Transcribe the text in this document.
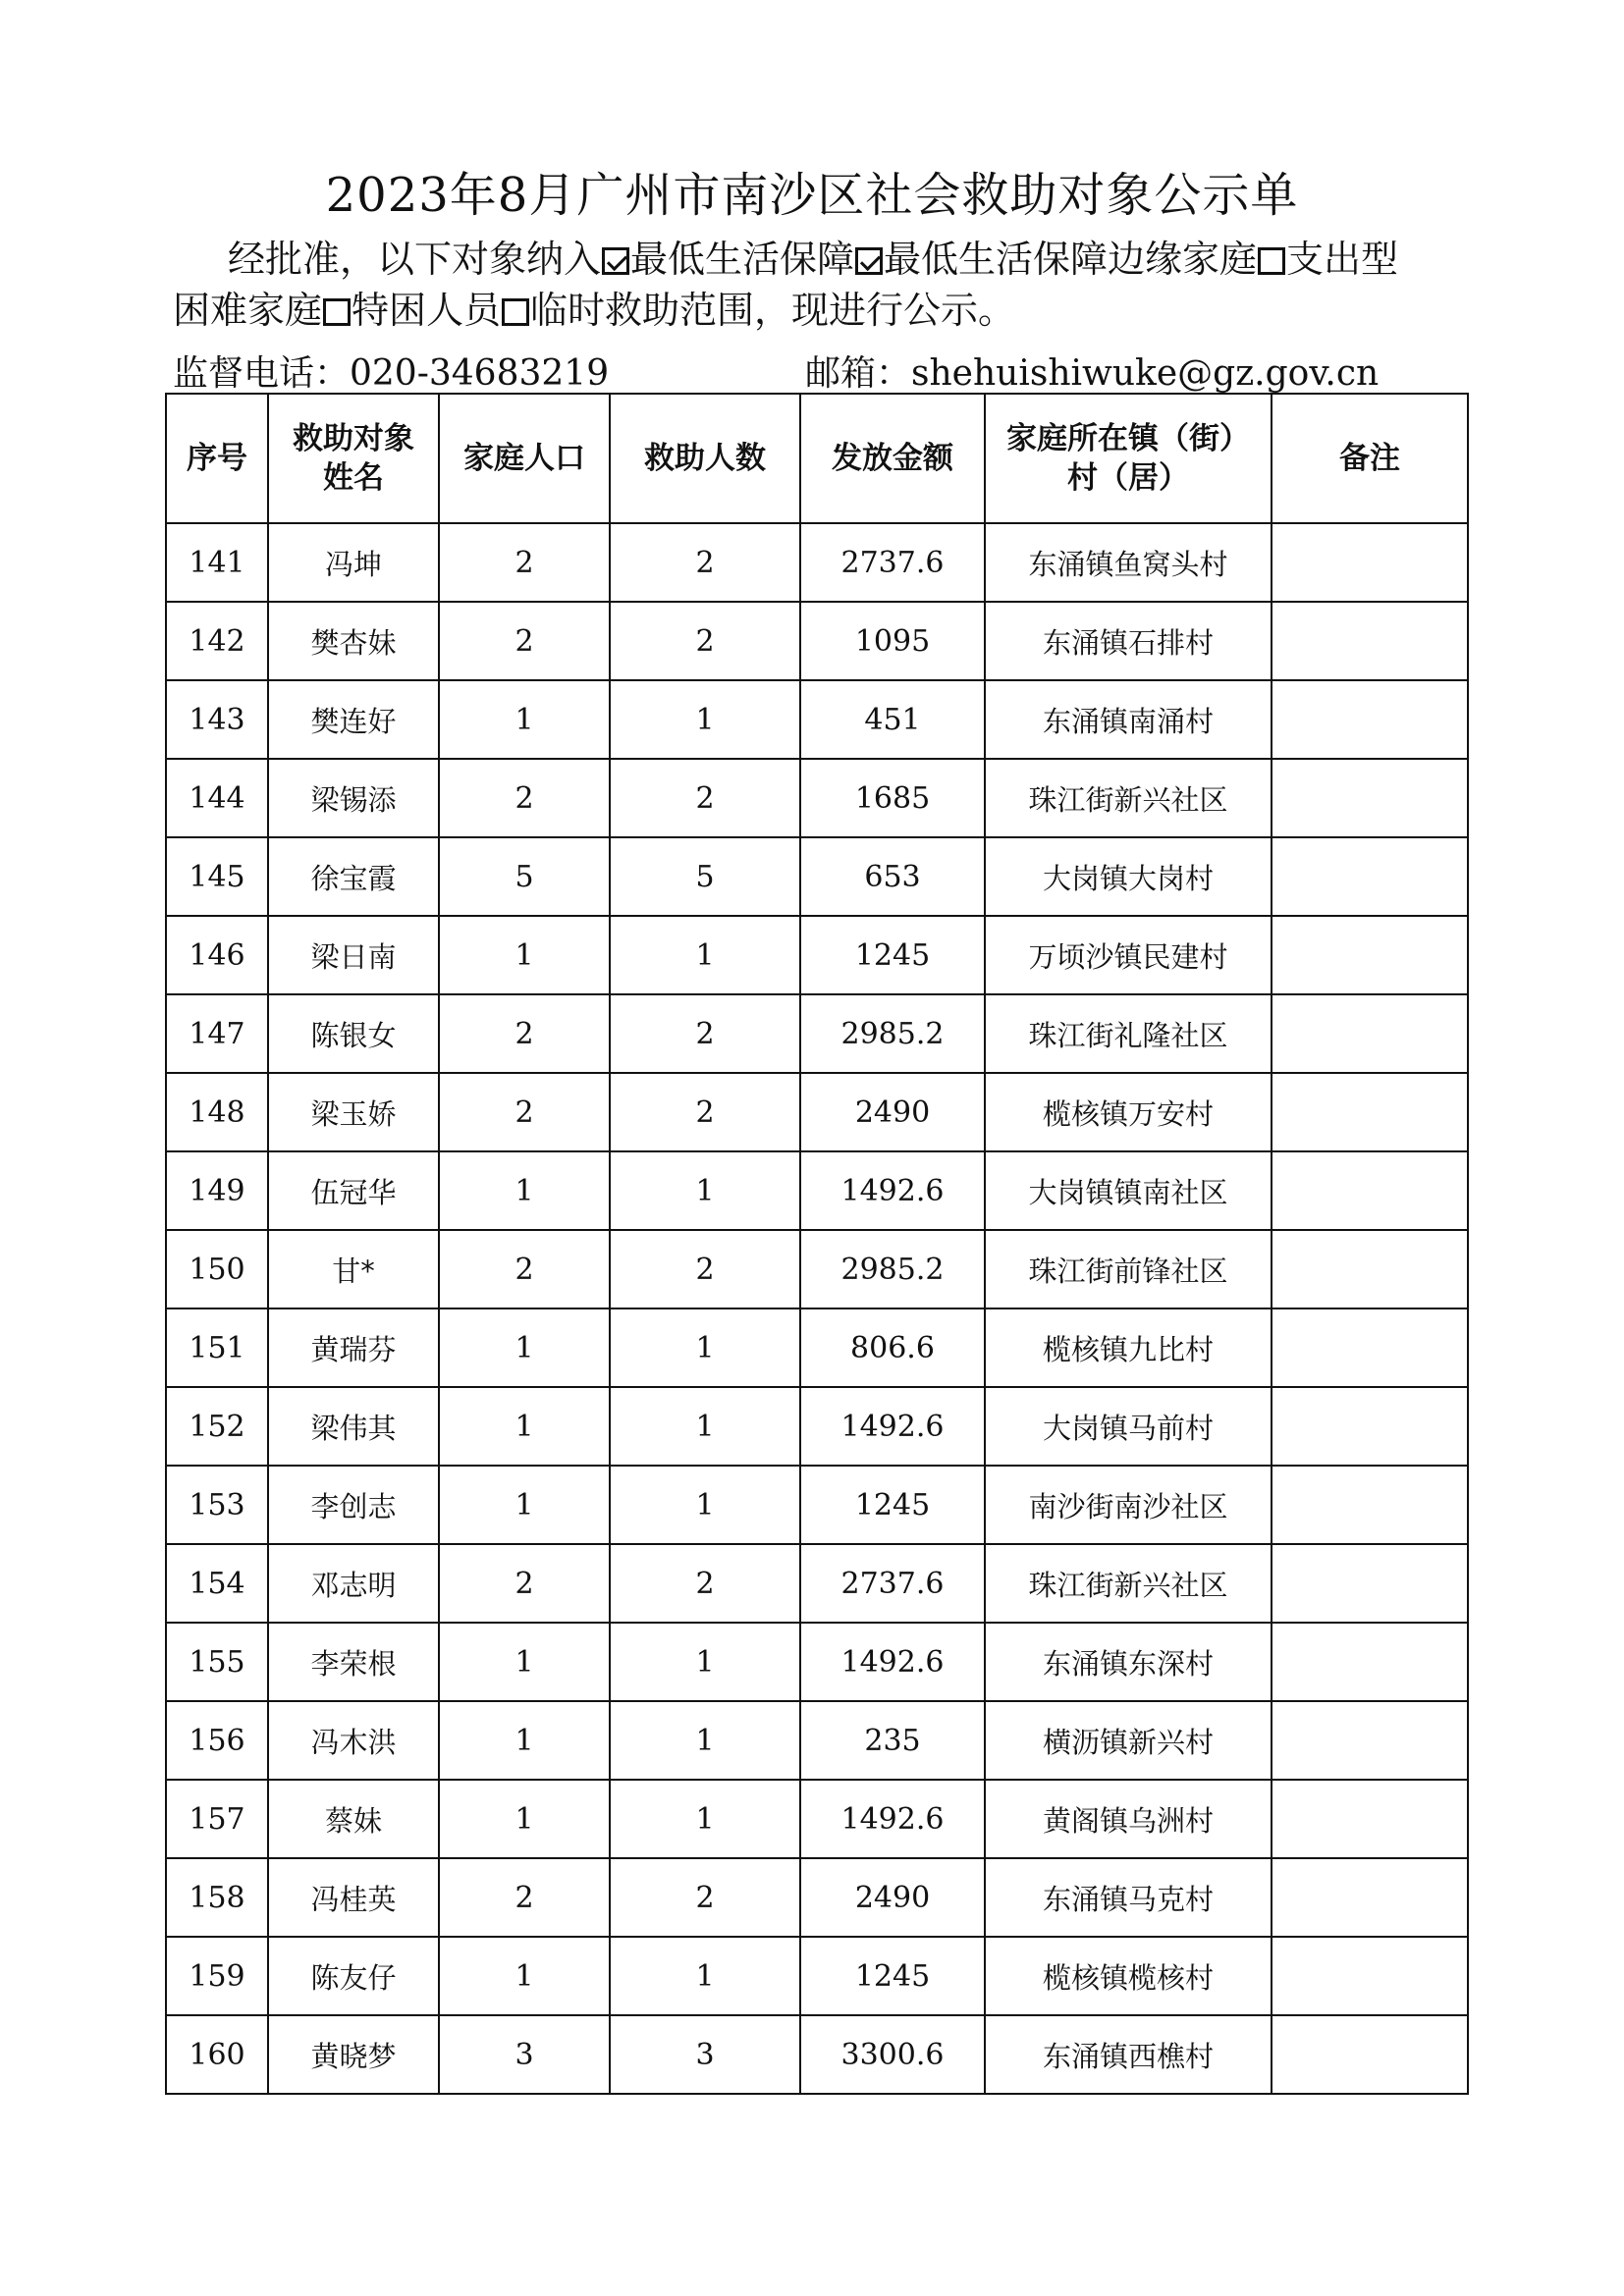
2023年8月广州市南沙区社会救助对象公示单
经批准，以下对象纳入 最低生活保障 最低生活保障边缘家庭 支出型
困难家庭 特困人员 临时救助范围，现进行公示。
监督电话：020-34683219	邮箱：shehuishiwuke@gz.gov.cn
序号	救助对象姓名	家庭人口	救助人数	发放金额	家庭所在镇（街）村（居）	备注
141	冯坤	2	2	2737.6	东涌镇鱼窝头村	
142	樊杏妹	2	2	1095	东涌镇石排村	
143	樊连好	1	1	451	东涌镇南涌村	
144	梁锡添	2	2	1685	珠江街新兴社区	
145	徐宝霞	5	5	653	大岗镇大岗村	
146	梁日南	1	1	1245	万顷沙镇民建村	
147	陈银女	2	2	2985.2	珠江街礼隆社区	
148	梁玉娇	2	2	2490	榄核镇万安村	
149	伍冠华	1	1	1492.6	大岗镇镇南社区	
150	甘*	2	2	2985.2	珠江街前锋社区	
151	黄瑞芬	1	1	806.6	榄核镇九比村	
152	梁伟其	1	1	1492.6	大岗镇马前村	
153	李创志	1	1	1245	南沙街南沙社区	
154	邓志明	2	2	2737.6	珠江街新兴社区	
155	李荣根	1	1	1492.6	东涌镇东深村	
156	冯木洪	1	1	235	横沥镇新兴村	
157	蔡妹	1	1	1492.6	黄阁镇乌洲村	
158	冯桂英	2	2	2490	东涌镇马克村	
159	陈友仔	1	1	1245	榄核镇榄核村	
160	黄晓梦	3	3	3300.6	东涌镇西樵村	
